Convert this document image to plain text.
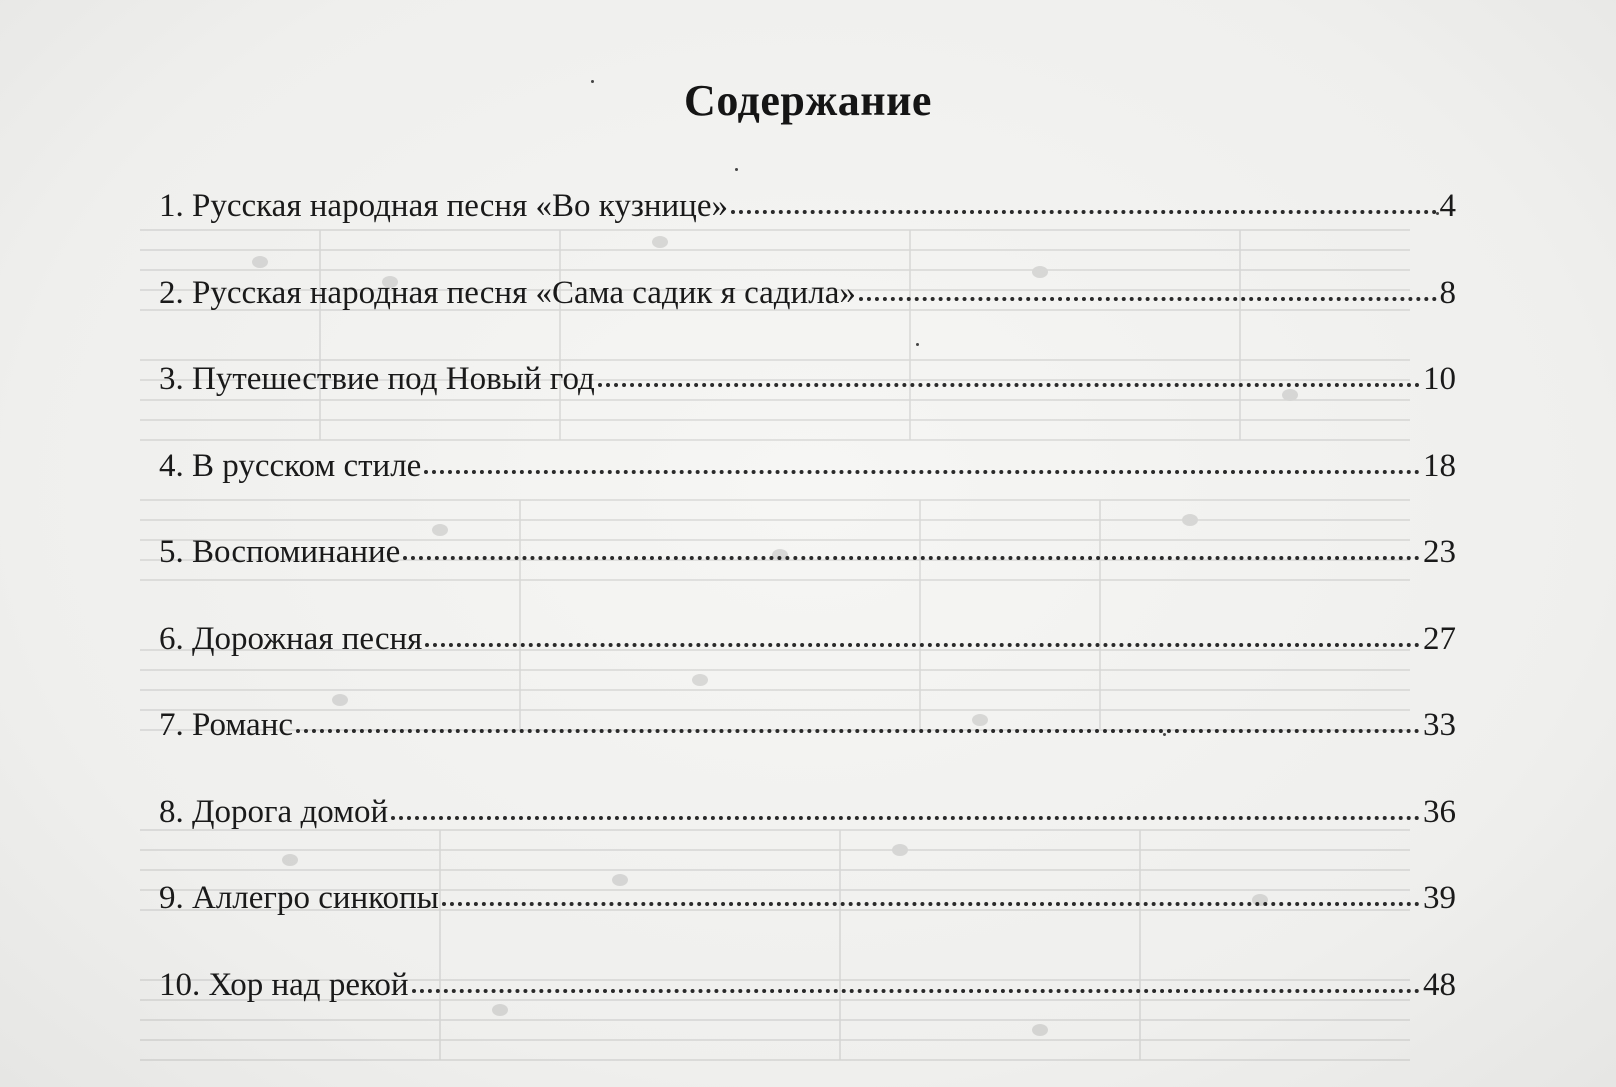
Содержание
1. Русская народная песня «Во кузнице»	4
2. Русская народная песня «Сама садик я садила»	8
3. Путешествие под Новый год	10
4. В русском стиле	18
5. Воспоминание	23
6. Дорожная песня	27
7. Романс	33
8. Дорога домой	36
9. Аллегро синкопы	39
10. Хор над рекой	48
